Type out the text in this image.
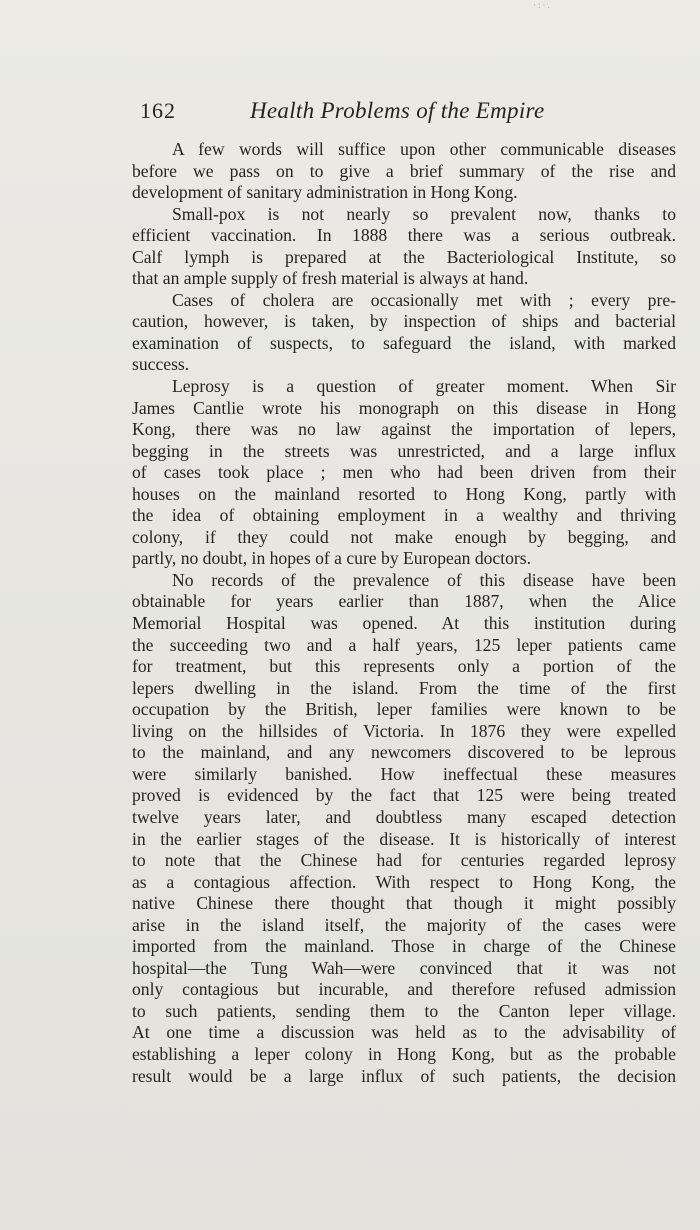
·:·.
162	Health Problems of the Empire
A few words will suffice upon other communicable diseases
before we pass on to give a brief summary of the rise and
development of sanitary administration in Hong Kong.
Small-pox is not nearly so prevalent now, thanks to
efficient vaccination. In 1888 there was a serious outbreak.
Calf lymph is prepared at the Bacteriological Institute, so
that an ample supply of fresh material is always at hand.
Cases of cholera are occasionally met with ; every pre-
caution, however, is taken, by inspection of ships and bacterial
examination of suspects, to safeguard the island, with marked
success.
Leprosy is a question of greater moment. When Sir
James Cantlie wrote his monograph on this disease in Hong
Kong, there was no law against the importation of lepers,
begging in the streets was unrestricted, and a large influx
of cases took place ; men who had been driven from their
houses on the mainland resorted to Hong Kong, partly with
the idea of obtaining employment in a wealthy and thriving
colony, if they could not make enough by begging, and
partly, no doubt, in hopes of a cure by European doctors.
No records of the prevalence of this disease have been
obtainable for years earlier than 1887, when the Alice
Memorial Hospital was opened. At this institution during
the succeeding two and a half years, 125 leper patients came
for treatment, but this represents only a portion of the
lepers dwelling in the island. From the time of the first
occupation by the British, leper families were known to be
living on the hillsides of Victoria. In 1876 they were expelled
to the mainland, and any newcomers discovered to be leprous
were similarly banished. How ineffectual these measures
proved is evidenced by the fact that 125 were being treated
twelve years later, and doubtless many escaped detection
in the earlier stages of the disease. It is historically of interest
to note that the Chinese had for centuries regarded leprosy
as a contagious affection. With respect to Hong Kong, the
native Chinese there thought that though it might possibly
arise in the island itself, the majority of the cases were
imported from the mainland. Those in charge of the Chinese
hospital—the Tung Wah—were convinced that it was not
only contagious but incurable, and therefore refused admission
to such patients, sending them to the Canton leper village.
At one time a discussion was held as to the advisability of
establishing a leper colony in Hong Kong, but as the probable
result would be a large influx of such patients, the decision
